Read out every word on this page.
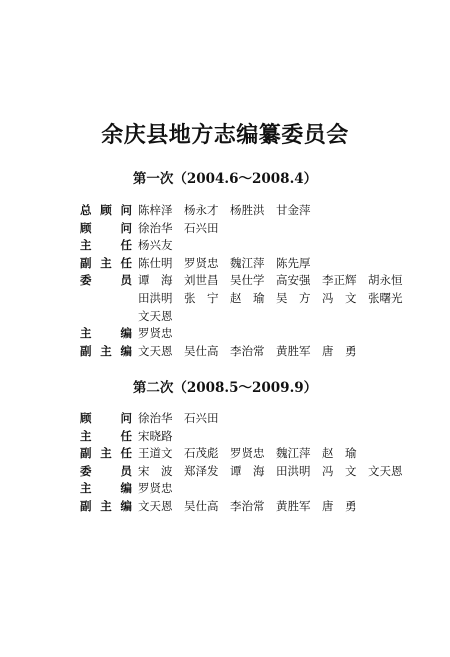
余庆县地方志编纂委员会
第一次（2004.6～2008.4）
总 顾 问 陈梓泽	杨永才	杨胜洪	甘金萍
顾	问 徐治华	石兴田
主	任 杨兴友
副 主 任 陈仕明	罗贤忠	魏江萍	陈先厚
委	员 谭　海	刘世昌	吴仕学	高安强	李正辉	胡永恒
田洪明	张　宁	赵　瑜	吴　方	冯　文	张曙光
文天恩
主	编 罗贤忠
副 主 编 文天恩	吴仕高	李治常	黄胜军	唐　勇
第二次（2008.5～2009.9）
顾	问 徐治华	石兴田
主	任 宋晓路
副 主 任 王道文	石茂彪	罗贤忠	魏江萍	赵　瑜
委	员 宋　波	郑泽发	谭　海	田洪明	冯　文	文天恩
主	编 罗贤忠
副 主 编 文天恩	吴仕高	李治常	黄胜军	唐　勇
